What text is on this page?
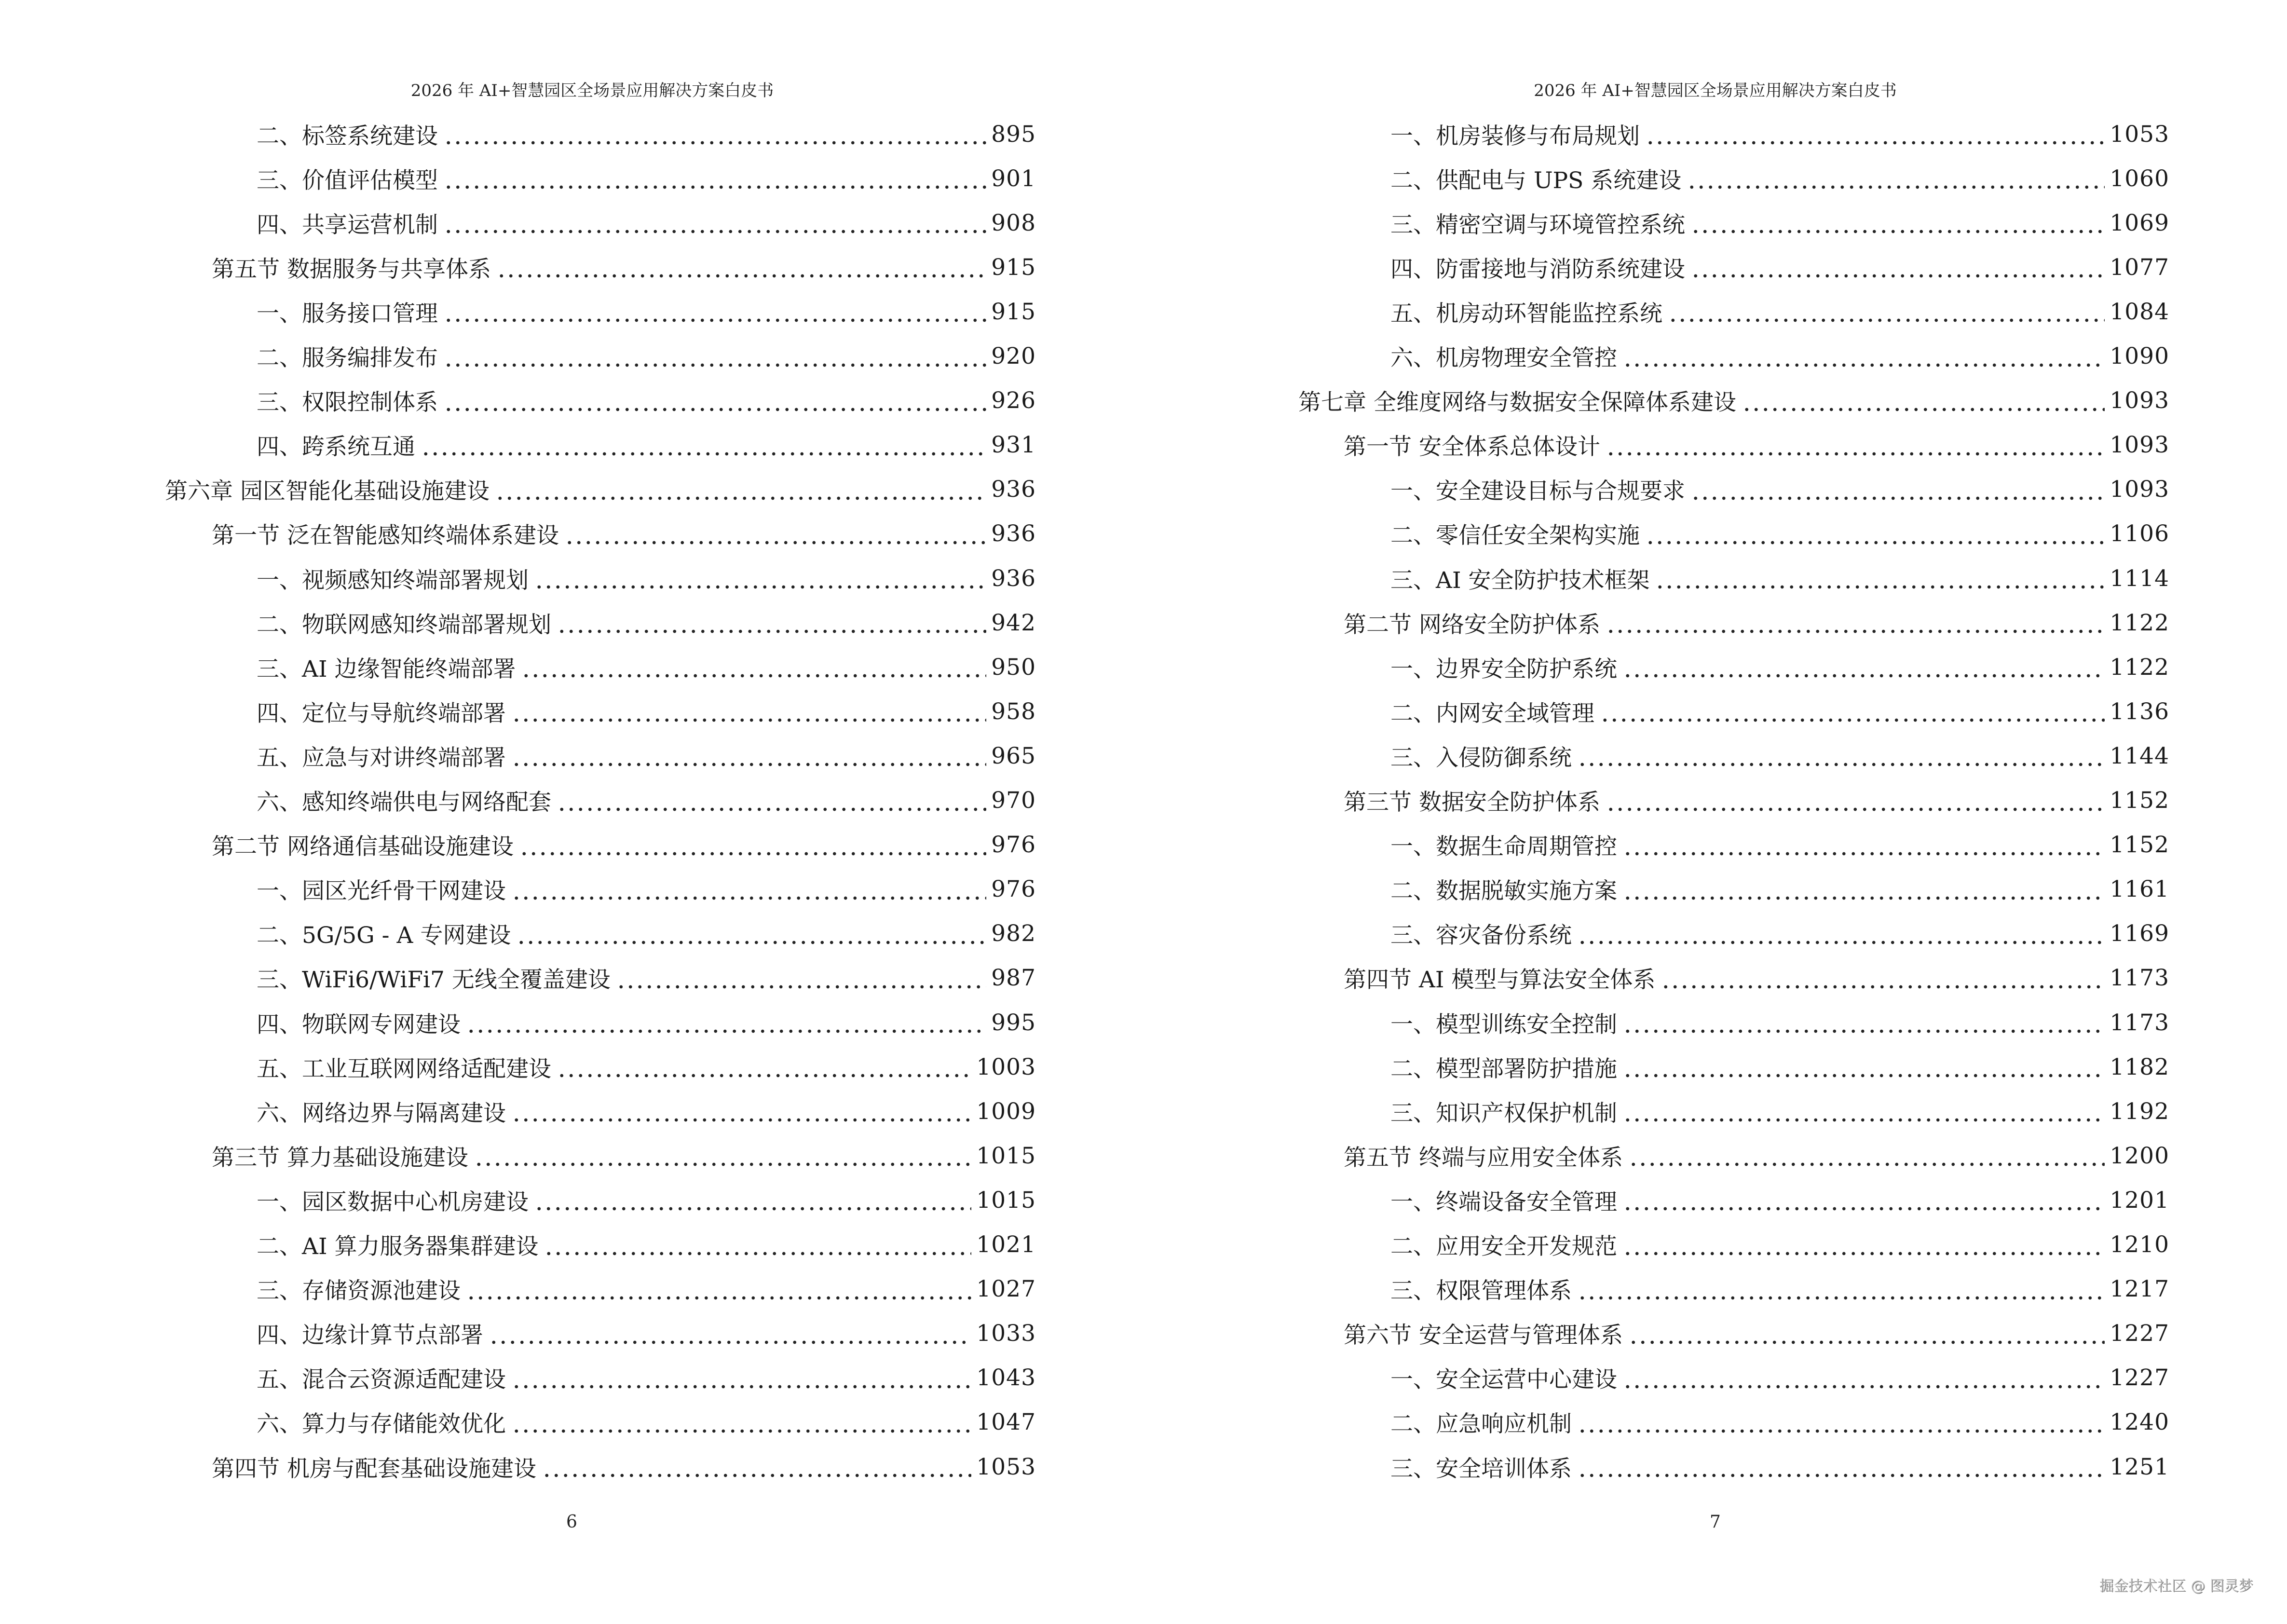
2026 年 AI+智慧园区全场景应用解决方案白皮书
二、标签系统建设	895
三、价值评估模型	901
四、共享运营机制	908
第五节 数据服务与共享体系	915
一、服务接口管理	915
二、服务编排发布	920
三、权限控制体系	926
四、跨系统互通	931
第六章 园区智能化基础设施建设	936
第一节 泛在智能感知终端体系建设	936
一、视频感知终端部署规划	936
二、物联网感知终端部署规划	942
三、AI 边缘智能终端部署	950
四、定位与导航终端部署	958
五、应急与对讲终端部署	965
六、感知终端供电与网络配套	970
第二节 网络通信基础设施建设	976
一、园区光纤骨干网建设	976
二、5G/5G - A 专网建设	982
三、WiFi6/WiFi7 无线全覆盖建设	987
四、物联网专网建设	995
五、工业互联网网络适配建设	1003
六、网络边界与隔离建设	1009
第三节 算力基础设施建设	1015
一、园区数据中心机房建设	1015
二、AI 算力服务器集群建设	1021
三、存储资源池建设	1027
四、边缘计算节点部署	1033
五、混合云资源适配建设	1043
六、算力与存储能效优化	1047
第四节 机房与配套基础设施建设	1053
6
2026 年 AI+智慧园区全场景应用解决方案白皮书
一、机房装修与布局规划	1053
二、供配电与 UPS 系统建设	1060
三、精密空调与环境管控系统	1069
四、防雷接地与消防系统建设	1077
五、机房动环智能监控系统	1084
六、机房物理安全管控	1090
第七章 全维度网络与数据安全保障体系建设	1093
第一节 安全体系总体设计	1093
一、安全建设目标与合规要求	1093
二、零信任安全架构实施	1106
三、AI 安全防护技术框架	1114
第二节 网络安全防护体系	1122
一、边界安全防护系统	1122
二、内网安全域管理	1136
三、入侵防御系统	1144
第三节 数据安全防护体系	1152
一、数据生命周期管控	1152
二、数据脱敏实施方案	1161
三、容灾备份系统	1169
第四节 AI 模型与算法安全体系	1173
一、模型训练安全控制	1173
二、模型部署防护措施	1182
三、知识产权保护机制	1192
第五节 终端与应用安全体系	1200
一、终端设备安全管理	1201
二、应用安全开发规范	1210
三、权限管理体系	1217
第六节 安全运营与管理体系	1227
一、安全运营中心建设	1227
二、应急响应机制	1240
三、安全培训体系	1251
7
掘金技术社区 @ 图灵梦
